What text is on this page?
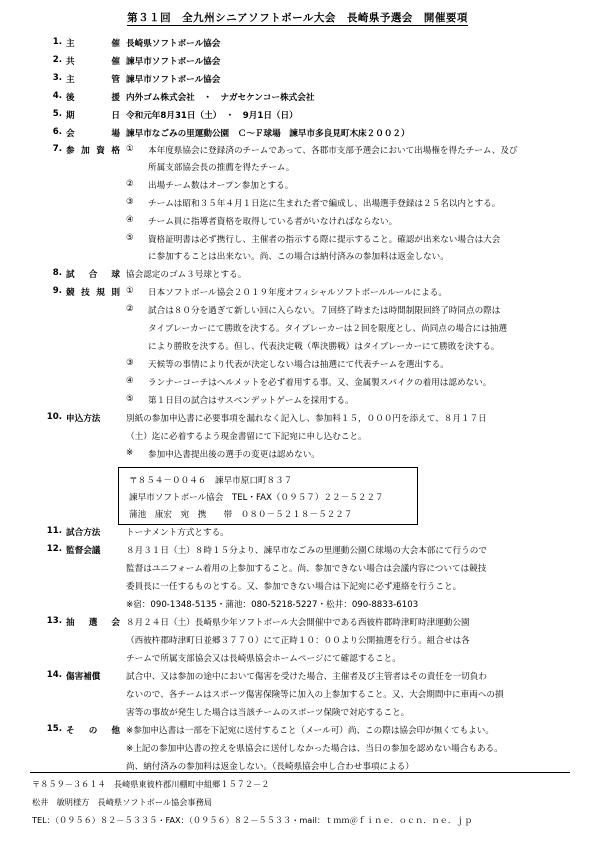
第３１回　全九州シニアソフトボール大会　長崎県予選会　開催要項
1. 主　　催 長崎県ソフトボール協会
2. 共　　催 諫早市ソフトボール協会
3. 主　　管 諫早市ソフトボール協会
4. 後　　援 内外ゴム株式会社　・　ナガセケンコー株式会社
5. 期　　日 令和元年8月31日（土）　・　9月1日（日）
6. 会　　場 諫早市なごみの里運動公園　Ｃ～Ｆ球場　諫早市多良見町木床２００２）
7. 参加資格 ①	本年度県協会に登録済のチームであって、各郡市支部予選会において出場権を得たチーム、及び
所属支部協会長の推薦を得たチーム。
②	出場チーム数はオープン参加とする。
③	チームは昭和３５年４月１日迄に生まれた者で編成し、出場選手登録は２５名以内とする。
④	チーム員に指導者資格を取得している者がいなければならない。
⑤	資格証明書は必ず携行し、主催者の指示する際に提示すること。確認が出来ない場合は大会
に参加することは出来ない。尚、この場合は納付済みの参加料は返金しない。
8. 試 合 球 協会認定のゴム３号球とする。
9. 競技規則 ①	日本ソフトボール協会２０１９年度オフィシャルソフトボールルールによる。
②	試合は８０分を過ぎて新しい回に入らない。７回終了時または時間制限回終了時同点の際は
タイブレーカーにて勝敗を決する。タイブレーカーは２回を限度とし、尚同点の場合には抽選
により勝敗を決する。但し、代表決定戦（準決勝戦）はタイブレーカーにて勝敗を決する。
③	天候等の事情により代表が決定しない場合は抽選にて代表チームを選出する。
④	ランナーコーチはヘルメットを必ず着用する事。又、金属製スパイクの着用は認めない。
⑤	第１日目の試合はサスペンデットゲームを採用する。
10. 申込方法	別紙の参加申込書に必要事項を漏れなく記入し、参加料１５，０００円を添えて、８月１７日
（土）迄に必着するよう現金書留にて下記宛に申し込むこと。
※	参加申込書提出後の選手の変更は認めない。
〒８５４－００４６　諫早市原口町８３７
諫早市ソフトボール協会　TEL・FAX（０９５７）２２－５２２７
蒲池　康宏　宛　携　　帯　０８０－５２１８－５２２７
11. 試合方法	トーナメント方式とする。
12. 監督会議	８月３１日（土）８時１５分より、諫早市なごみの里運動公園Ｃ球場の大会本部にて行うので
監督はユニフォーム着用の上参加すること。尚、参加できない場合は会議内容については競技
委員長に一任するものとする。又、参加できない場合は下記宛に必ず連絡を行うこと。
※宿：090-1348-5135・蒲池：080-5218-5227・松井：090-8833-6103
13. 抽 選 会 ８月２４日（土）長崎県少年ソフトボール大会開催中である西彼杵郡時津町時津運動公園
（西彼杵郡時津町日並郷３７７０）にて正時１０：００より公開抽選を行う。組合せは各
チームで所属支部協会又は長崎県協会ホームページにて確認すること。
14. 傷害補償	試合中、又は参加の途中において傷害を受けた場合、主催者及び主管者はその責任を一切負わ
ないので、各チームはスポーツ傷害保険等に加入の上参加すること。又、大会期間中に車両への損
害等の事故が発生した場合は当該チームのスポーツ保険で対応すること。
15. そ の 他 ※参加申込書は一部を下記宛に送付すること（メール可）尚、この際は協会印が無くてもよい。
※上記の参加申込書の控えを県協会に送付しなかった場合は、当日の参加を認めない場合もある。
尚、納付済みの参加料は返金しない。（長崎県協会申し合わせ事項による）
〒８５９－３６１４　長崎県東彼杵郡川棚町中組郷１５７２－２
松井　敏明様方　長崎県ソフトボール協会事務局
TEL：（０９５６）８２－５３３５・FAX：（０９５６）８２－５５３３・mail：ｔｍｍ＠ｆｉｎｅ．ｏｃｎ．ｎｅ．ｊｐ
